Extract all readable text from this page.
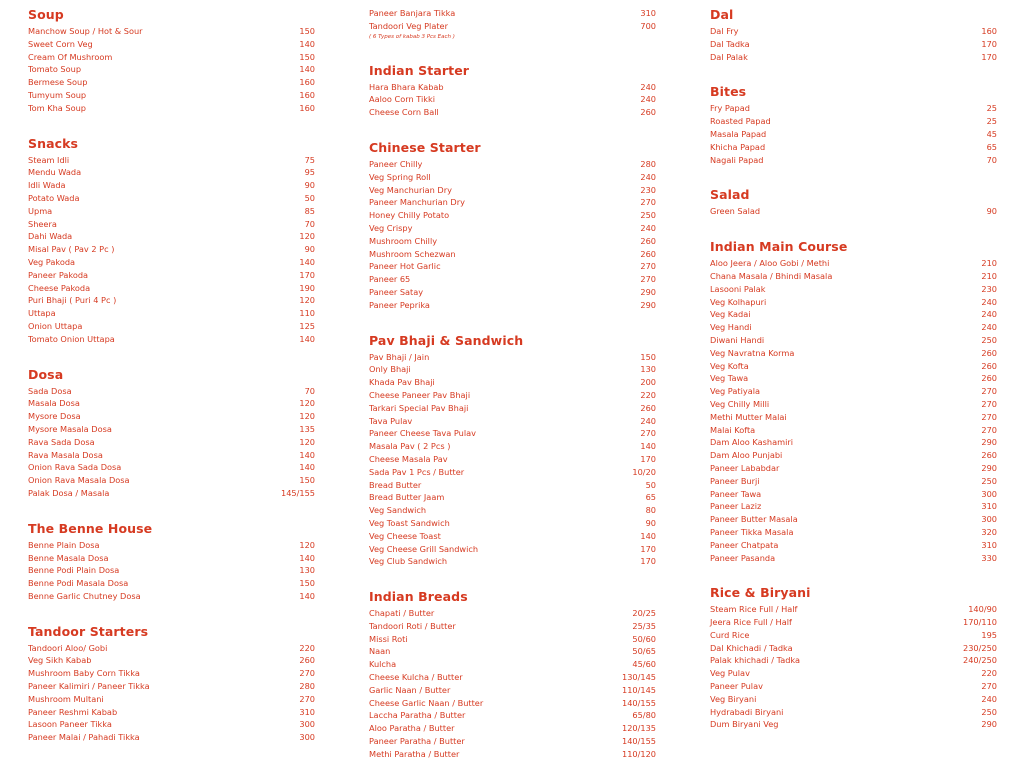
Soup
Manchow Soup / Hot & Sour	150
Sweet Corn Veg	140
Cream Of Mushroom	150
Tomato Soup	140
Bermese Soup	160
Tumyum Soup	160
Tom Kha Soup	160
Snacks
Steam Idli	75
Mendu Wada	95
Idli Wada	90
Potato Wada	50
Upma	85
Sheera	70
Dahi Wada	120
Misal Pav ( Pav 2 Pc )	90
Veg Pakoda	140
Paneer Pakoda	170
Cheese Pakoda	190
Puri Bhaji ( Puri 4 Pc )	120
Uttapa	110
Onion Uttapa	125
Tomato Onion Uttapa	140
Dosa
Sada Dosa	70
Masala Dosa	120
Mysore Dosa	120
Mysore Masala Dosa	135
Rava Sada Dosa	120
Rava Masala Dosa	140
Onion Rava Sada Dosa	140
Onion Rava Masala Dosa	150
Palak Dosa / Masala	145/155
The Benne House
Benne Plain Dosa	120
Benne Masala Dosa	140
Benne Podi Plain Dosa	130
Benne Podi Masala Dosa	150
Benne Garlic Chutney Dosa	140
Tandoor Starters
Tandoori Aloo/ Gobi	220
Veg Sikh Kabab	260
Mushroom Baby Corn Tikka	270
Paneer Kalimiri / Paneer Tikka	280
Mushroom Multani	270
Paneer Reshmi Kabab	310
Lasoon Paneer Tikka	300
Paneer Malai / Pahadi Tikka	300
Paneer Banjara Tikka	310
Tandoori Veg Plater	700
( 6 Types of kabab 3 Pcs Each )
Indian Starter
Hara Bhara Kabab	240
Aaloo Corn Tikki	240
Cheese Corn Ball	260
Chinese Starter
Paneer Chilly	280
Veg Spring Roll	240
Veg Manchurian Dry	230
Paneer Manchurian Dry	270
Honey Chilly Potato	250
Veg Crispy	240
Mushroom Chilly	260
Mushroom Schezwan	260
Paneer Hot Garlic	270
Paneer 65	270
Paneer Satay	290
Paneer Peprika	290
Pav Bhaji & Sandwich
Pav Bhaji / Jain	150
Only Bhaji	130
Khada Pav Bhaji	200
Cheese Paneer Pav Bhaji	220
Tarkari Special Pav Bhaji	260
Tava Pulav	240
Paneer Cheese Tava Pulav	270
Masala Pav ( 2 Pcs )	140
Cheese Masala Pav	170
Sada Pav 1 Pcs / Butter	10/20
Bread Butter	50
Bread Butter Jaam	65
Veg Sandwich	80
Veg Toast Sandwich	90
Veg Cheese Toast	140
Veg Cheese Grill Sandwich	170
Veg Club Sandwich	170
Indian Breads
Chapati / Butter	20/25
Tandoori Roti / Butter	25/35
Missi Roti	50/60
Naan	50/65
Kulcha	45/60
Cheese Kulcha / Butter	130/145
Garlic Naan / Butter	110/145
Cheese Garlic Naan / Butter	140/155
Laccha Paratha / Butter	65/80
Aloo Paratha / Butter	120/135
Paneer Paratha / Butter	140/155
Methi Paratha / Butter	110/120
Dal
Dal Fry	160
Dal Tadka	170
Dal Palak	170
Bites
Fry Papad	25
Roasted Papad	25
Masala Papad	45
Khicha Papad	65
Nagali Papad	70
Salad
Green Salad	90
Indian Main Course
Aloo Jeera / Aloo Gobi / Methi	210
Chana Masala / Bhindi Masala	210
Lasooni Palak	230
Veg Kolhapuri	240
Veg Kadai	240
Veg Handi	240
Diwani Handi	250
Veg Navratna Korma	260
Veg Kofta	260
Veg Tawa	260
Veg Patiyala	270
Veg Chilly Milli	270
Methi Mutter Malai	270
Malai Kofta	270
Dam Aloo Kashamiri	290
Dam Aloo Punjabi	260
Paneer Lababdar	290
Paneer Burji	250
Paneer Tawa	300
Paneer Laziz	310
Paneer Butter Masala	300
Paneer Tikka Masala	320
Paneer Chatpata	310
Paneer Pasanda	330
Rice & Biryani
Steam Rice Full / Half	140/90
Jeera Rice Full / Half	170/110
Curd Rice	195
Dal Khichadi / Tadka	230/250
Palak khichadi / Tadka	240/250
Veg Pulav	220
Paneer Pulav	270
Veg Biryani	240
Hydrabadi Biryani	250
Dum Biryani Veg	290
